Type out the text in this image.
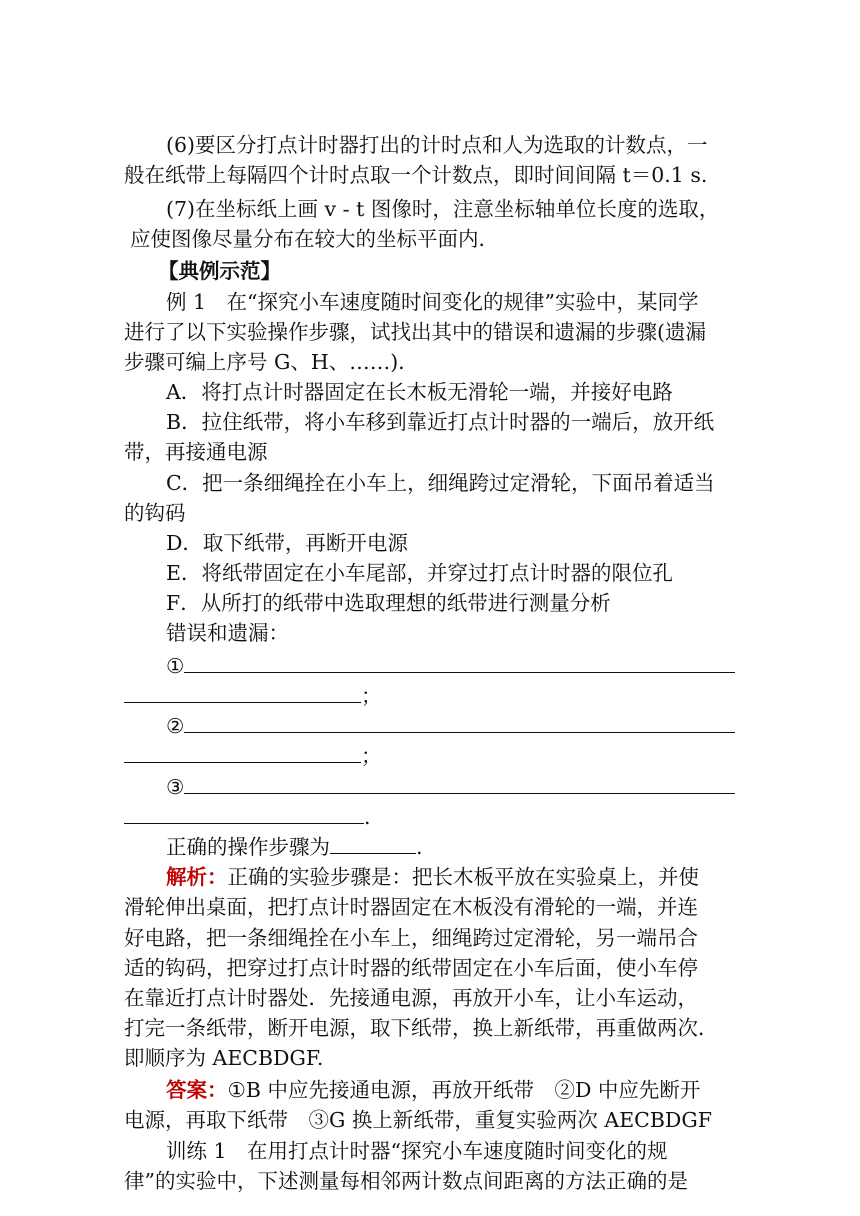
(6)要区分打点计时器打出的计时点和人为选取的计数点，一
般在纸带上每隔四个计时点取一个计数点，即时间间隔 t＝0.1 s.
(7)在坐标纸上画 v - t 图像时，注意坐标轴单位长度的选取，
应使图像尽量分布在较大的坐标平面内．
【典例示范】
例 1　在“探究小车速度随时间变化的规律”实验中，某同学
进行了以下实验操作步骤，试找出其中的错误和遗漏的步骤(遗漏
步骤可编上序号 G、H、……)．
A．将打点计时器固定在长木板无滑轮一端，并接好电路
B．拉住纸带，将小车移到靠近打点计时器的一端后，放开纸
带，再接通电源
C．把一条细绳拴在小车上，细绳跨过定滑轮，下面吊着适当
的钩码
D．取下纸带，再断开电源
E．将纸带固定在小车尾部，并穿过打点计时器的限位孔
F．从所打的纸带中选取理想的纸带进行测量分析
错误和遗漏：
①
；
②
；
③
.
正确的操作步骤为	.
解析：正确的实验步骤是：把长木板平放在实验桌上，并使
滑轮伸出桌面，把打点计时器固定在木板没有滑轮的一端，并连
好电路，把一条细绳拴在小车上，细绳跨过定滑轮，另一端吊合
适的钩码，把穿过打点计时器的纸带固定在小车后面，使小车停
在靠近打点计时器处．先接通电源，再放开小车，让小车运动，
打完一条纸带，断开电源，取下纸带，换上新纸带，再重做两次．
即顺序为 AECBDGF.
答案：①B 中应先接通电源，再放开纸带　②D 中应先断开
电源，再取下纸带　③G 换上新纸带，重复实验两次 AECBDGF
训练 1　在用打点计时器“探究小车速度随时间变化的规
律”的实验中，下述测量每相邻两计数点间距离的方法正确的是
